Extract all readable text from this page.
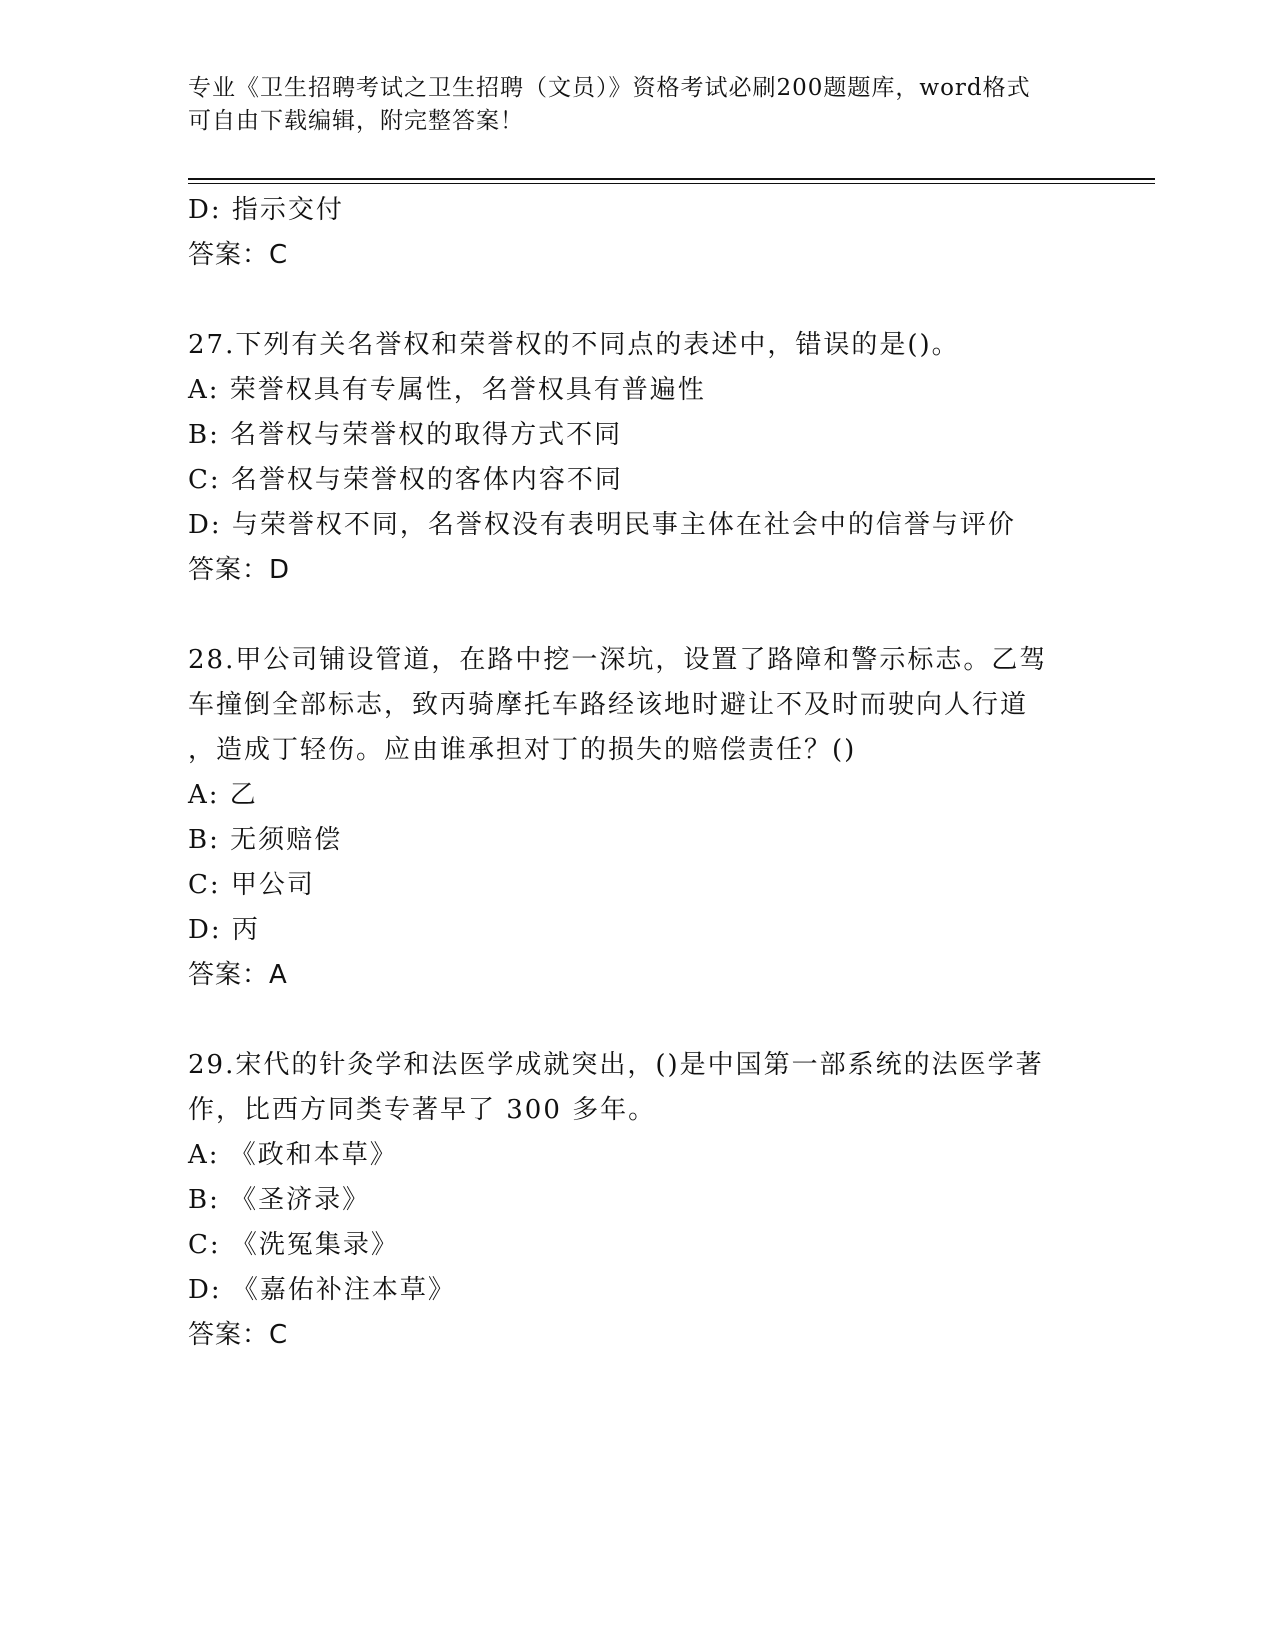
专业《卫生招聘考试之卫生招聘（文员）》资格考试必刷200题题库，word格式
可自由下载编辑，附完整答案！
D: 指示交付
答案：C
27.下列有关名誉权和荣誉权的不同点的表述中，错误的是()。
A: 荣誉权具有专属性，名誉权具有普遍性
B: 名誉权与荣誉权的取得方式不同
C: 名誉权与荣誉权的客体内容不同
D: 与荣誉权不同，名誉权没有表明民事主体在社会中的信誉与评价
答案：D
28.甲公司铺设管道，在路中挖一深坑，设置了路障和警示标志。乙驾
车撞倒全部标志，致丙骑摩托车路经该地时避让不及时而驶向人行道
，造成丁轻伤。应由谁承担对丁的损失的赔偿责任？()
A: 乙
B: 无须赔偿
C: 甲公司
D: 丙
答案：A
29.宋代的针灸学和法医学成就突出，()是中国第一部系统的法医学著
作，比西方同类专著早了 300 多年。
A: 《政和本草》
B: 《圣济录》
C: 《洗冤集录》
D: 《嘉佑补注本草》
答案：C
